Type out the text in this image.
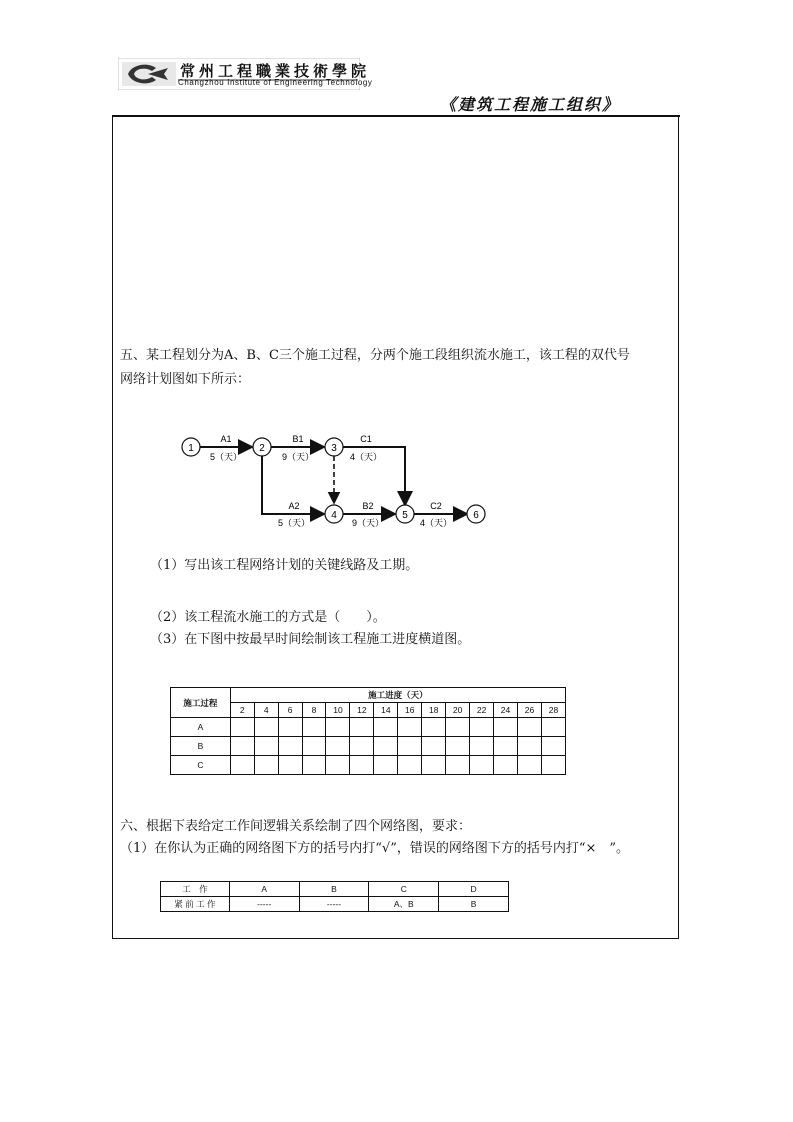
常州工程職業技術學院
Changzhou Institute of Engineering Technology
《建筑工程施工组织》
五、某工程划分为A、B、C三个施工过程，分两个施工段组织流水施工，该工程的双代号
网络计划图如下所示：
1	2	3
4	5	6
A1
5（天）
B1
9（天）
C1
4（天）
A2
5（天）
B2
9（天）
C2
4（天）
（1）写出该工程网络计划的关键线路及工期。
（2）该工程流水施工的方式是（　　）。
（3）在下图中按最早时间绘制该工程施工进度横道图。
施工过程	施工进度（天）													
	2	4	6	8	10	12	14	16	18	20	22	24	26	28
A														
B														
C														
六、根据下表给定工作间逻辑关系绘制了四个网络图，要求：
（1）在你认为正确的网络图下方的括号内打“√”，错误的网络图下方的括号内打“×　”。
工　作	A	B	C	D
紧 前 工 作	-----	-----	A、B	B
